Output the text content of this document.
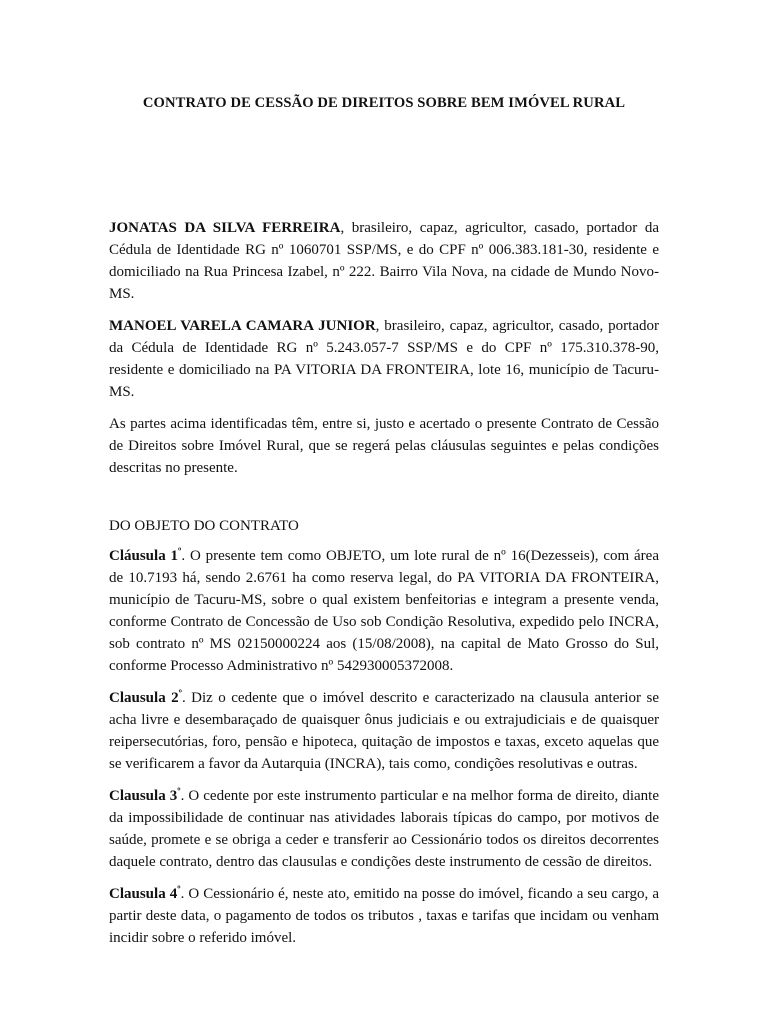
CONTRATO DE CESSÃO DE DIREITOS SOBRE BEM IMÓVEL RURAL

JONATAS DA SILVA FERREIRA, brasileiro, capaz, agricultor, casado, portador da Cédula de Identidade RG nº 1060701 SSP/MS, e do CPF nº 006.383.181-30, residente e domiciliado na Rua Princesa Izabel, nº 222. Bairro Vila Nova, na cidade de Mundo Novo-MS.

MANOEL VARELA CAMARA JUNIOR, brasileiro, capaz, agricultor, casado, portador da Cédula de Identidade RG nº 5.243.057-7 SSP/MS e do CPF nº 175.310.378-90, residente e domiciliado na PA VITORIA DA FRONTEIRA, lote 16, município de Tacuru-MS.

As partes acima identificadas têm, entre si, justo e acertado o presente Contrato de Cessão de Direitos sobre Imóvel Rural, que se regerá pelas cláusulas seguintes e pelas condições descritas no presente.

DO OBJETO DO CONTRATO

Cláusula $1^º$. O presente tem como OBJETO, um lote rural de nº 16(Dezesseis), com área de 10.7193 há, sendo 2.6761 ha como reserva legal, do PA VITORIA DA FRONTEIRA, município de Tacuru-MS, sobre o qual existem benfeitorias e integram a presente venda, conforme Contrato de Concessão de Uso sob Condição Resolutiva, expedido pelo INCRA, sob contrato nº MS 02150000224 aos (15/08/2008), na capital de Mato Grosso do Sul, conforme Processo Administrativo nº 54293000537200​8.

Clausula $2^º$. Diz o cedente que o imóvel descrito e caracterizado na clausula anterior se acha livre e desembaraçado de quaisquer ônus judiciais e ou extrajudiciais e de quaisquer reipersecutórias, foro, pensão e hipoteca, quitação de impostos e taxas, exceto aquelas que se verificarem a favor da Autarquia (INCRA), tais como, condições resolutivas e outras.

Clausula $3^º$. O cedente por este instrumento particular e na melhor forma de direito, diante da impossibilidade de continuar nas atividades laborais típicas do campo, por motivos de saúde, promete e se obriga a ceder e transferir ao Cessionário todos os direitos decorrentes daquele contrato, dentro das clausulas e condições deste instrumento de cessão de direitos.

Clausula $4^º$. O Cessionário é, neste ato, emitido na posse do imóvel, ficando a seu cargo, a partir deste data, o pagamento de todos os tributos , taxas e tarifas que incidam ou venham incidir sobre o referido imóvel.
